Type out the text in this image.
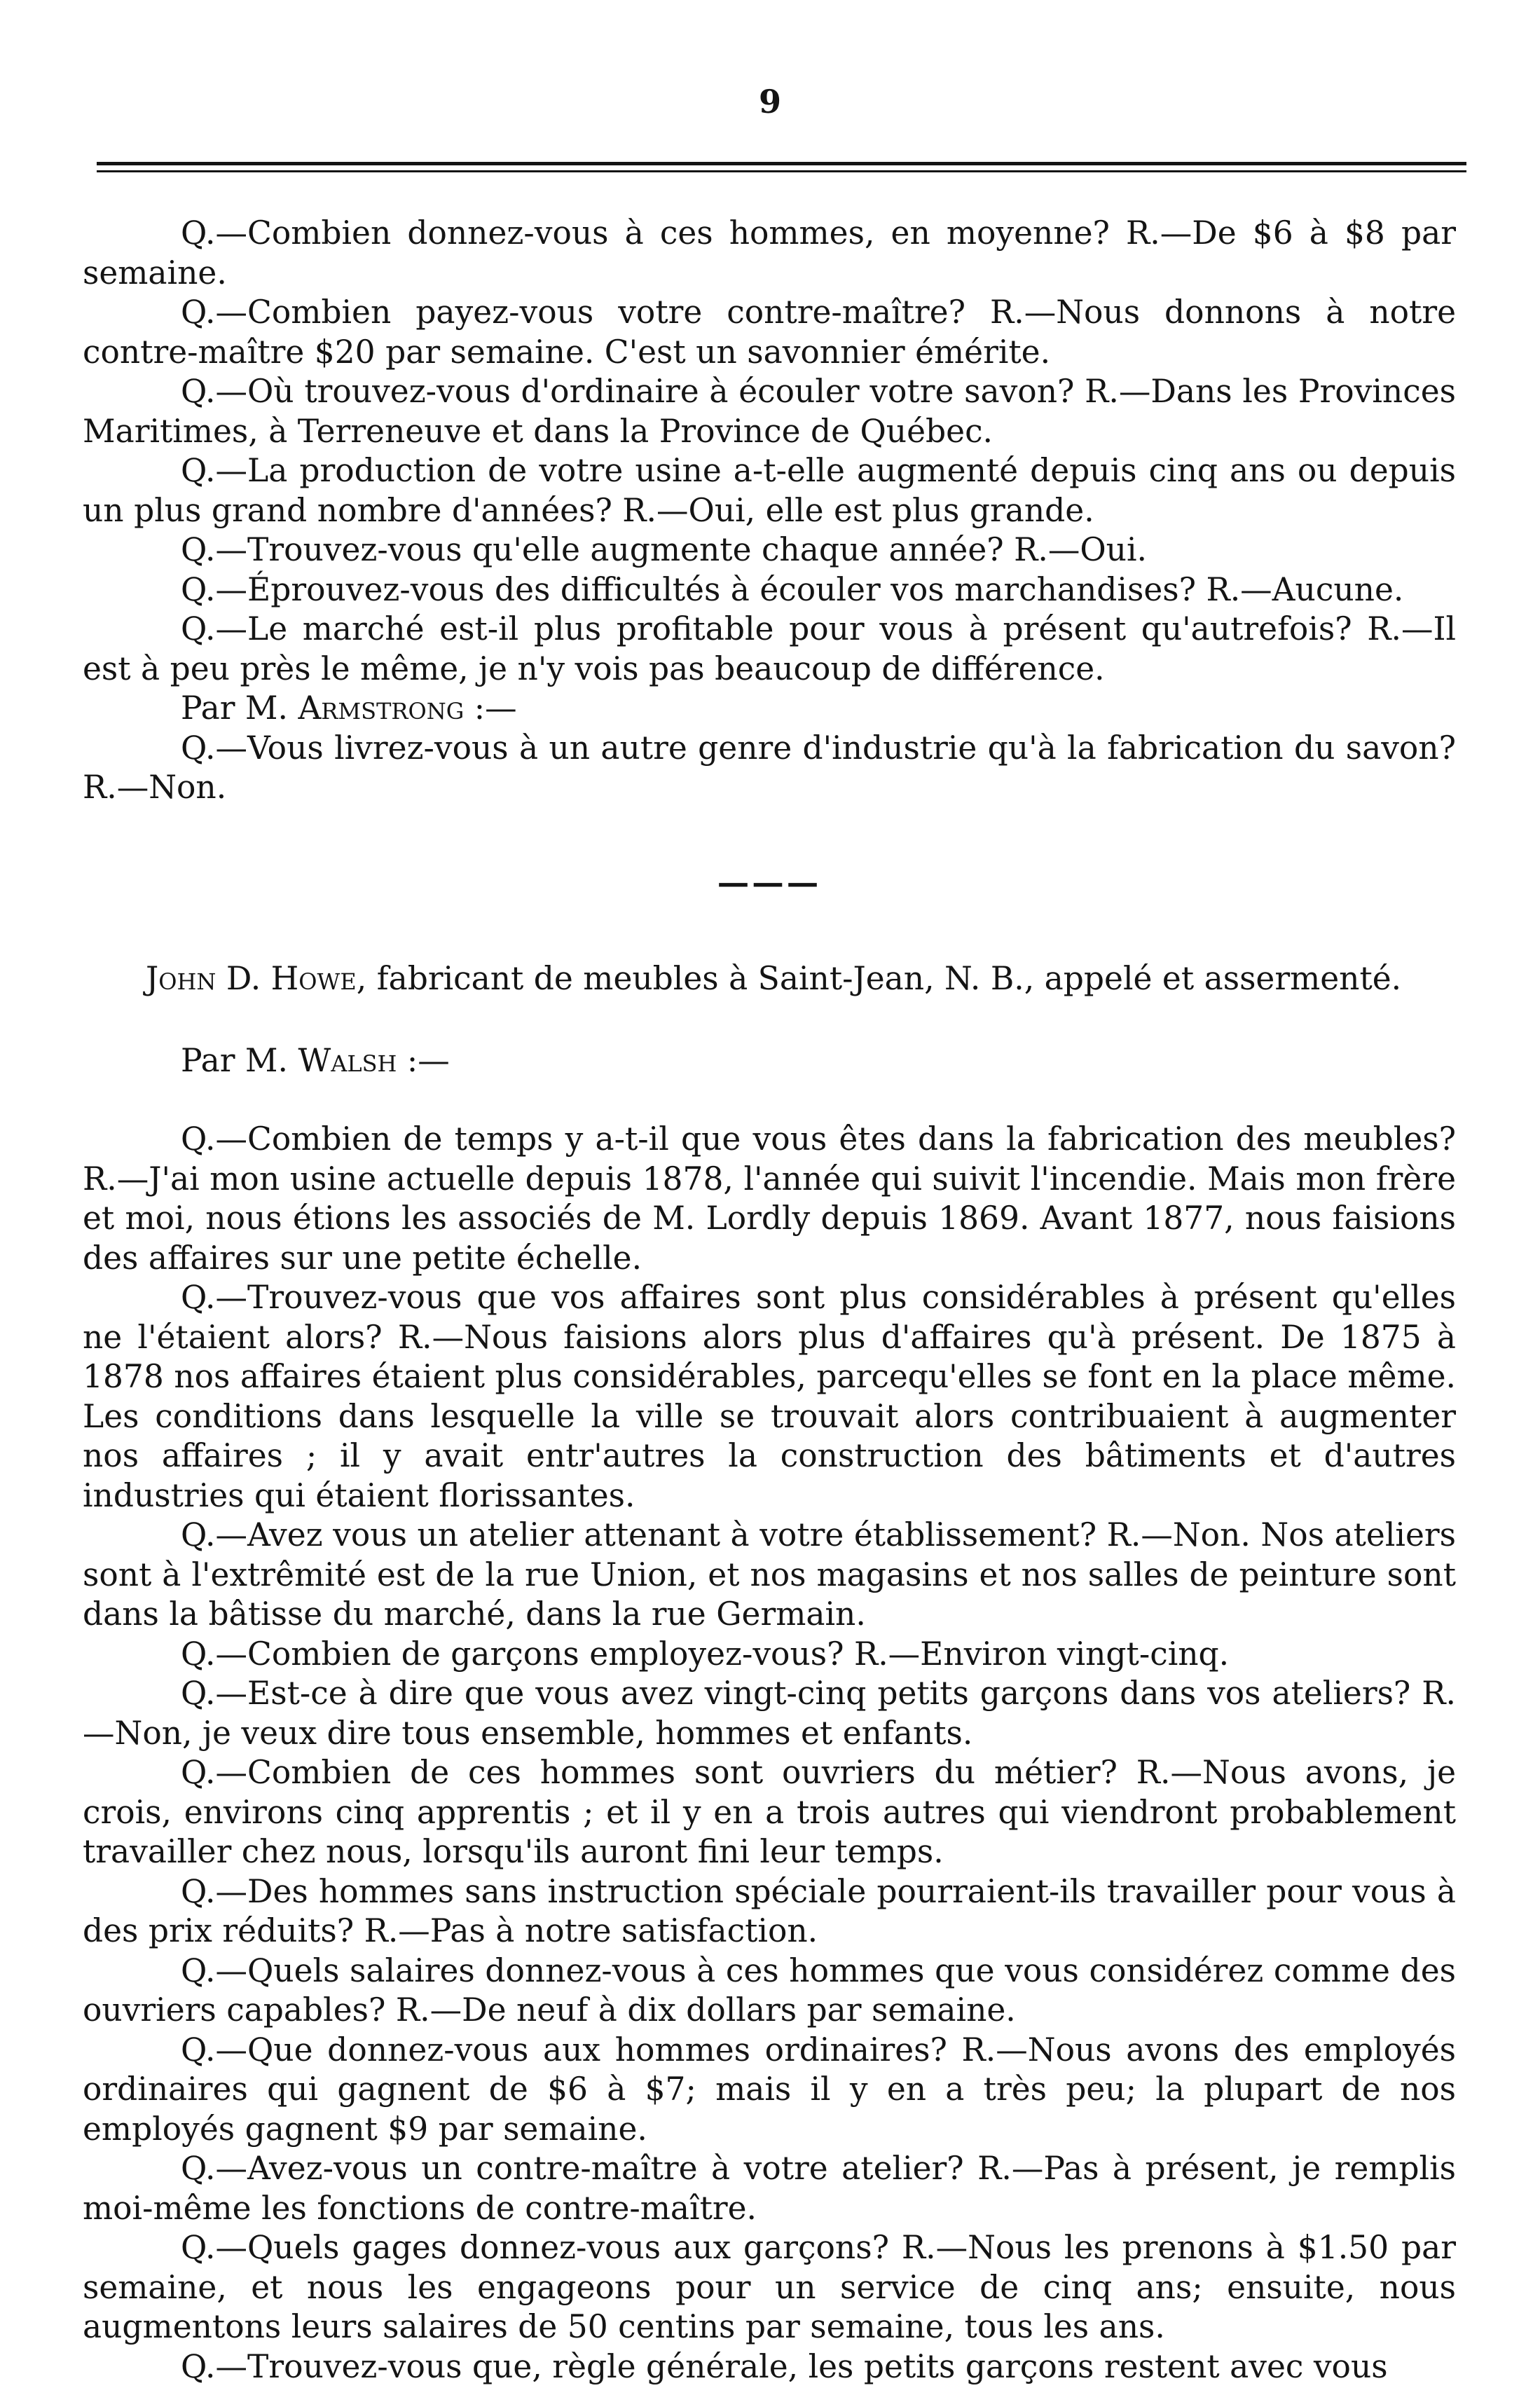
9

Q.—Combien donnez-vous à ces hommes, en moyenne? R.—De $6 à $8 par semaine.

Q.—Combien payez-vous votre contre-maître? R.—Nous donnons à notre contre-maître $20 par semaine. C'est un savonnier émérite.

Q.—Où trouvez-vous d'ordinaire à écouler votre savon? R.—Dans les Provinces Maritimes, à Terreneuve et dans la Province de Québec.

Q.—La production de votre usine a-t-elle augmenté depuis cinq ans ou depuis un plus grand nombre d'années? R.—Oui, elle est plus grande.

Q.—Trouvez-vous qu'elle augmente chaque année? R.—Oui.

Q.—Éprouvez-vous des difficultés à écouler vos marchandises? R.—Aucune.

Q.—Le marché est-il plus profitable pour vous à présent qu'autrefois? R.—Il est à peu près le même, je n'y vois pas beaucoup de différence.

Par M. Armstrong :—

Q.—Vous livrez-vous à un autre genre d'industrie qu'à la fabrication du savon? R.—Non.

———

John D. Howe, fabricant de meubles à Saint-Jean, N. B., appelé et assermenté.

Par M. Walsh :—

Q.—Combien de temps y a-t-il que vous êtes dans la fabrication des meubles? R.—J'ai mon usine actuelle depuis 1878, l'année qui suivit l'incendie. Mais mon frère et moi, nous étions les associés de M. Lordly depuis 1869. Avant 1877, nous faisions des affaires sur une petite échelle.

Q.—Trouvez-vous que vos affaires sont plus considérables à présent qu'elles ne l'étaient alors? R.—Nous faisions alors plus d'affaires qu'à présent. De 1875 à 1878 nos affaires étaient plus considérables, parcequ'elles se font en la place même. Les conditions dans lesquelle la ville se trouvait alors contribuaient à augmenter nos affaires ; il y avait entr'autres la construction des bâtiments et d'autres industries qui étaient florissantes.

Q.—Avez vous un atelier attenant à votre établissement? R.—Non. Nos ateliers sont à l'extrêmité est de la rue Union, et nos magasins et nos salles de peinture sont dans la bâtisse du marché, dans la rue Germain.

Q.—Combien de garçons employez-vous? R.—Environ vingt-cinq.

Q.—Est-ce à dire que vous avez vingt-cinq petits garçons dans vos ateliers? R.—Non, je veux dire tous ensemble, hommes et enfants.

Q.—Combien de ces hommes sont ouvriers du métier? R.—Nous avons, je crois, environs cinq apprentis ; et il y en a trois autres qui viendront probablement travailler chez nous, lorsqu'ils auront fini leur temps.

Q.—Des hommes sans instruction spéciale pourraient-ils travailler pour vous à des prix réduits? R.—Pas à notre satisfaction.

Q.—Quels salaires donnez-vous à ces hommes que vous considérez comme des ouvriers capables? R.—De neuf à dix dollars par semaine.

Q.—Que donnez-vous aux hommes ordinaires? R.—Nous avons des employés ordinaires qui gagnent de $6 à $7; mais il y en a très peu; la plupart de nos employés gagnent $9 par semaine.

Q.—Avez-vous un contre-maître à votre atelier? R.—Pas à présent, je remplis moi-même les fonctions de contre-maître.

Q.—Quels gages donnez-vous aux garçons? R.—Nous les prenons à $1.50 par semaine, et nous les engageons pour un service de cinq ans; ensuite, nous augmentons leurs salaires de 50 centins par semaine, tous les ans.

Q.—Trouvez-vous que, règle générale, les petits garçons restent avec vous
